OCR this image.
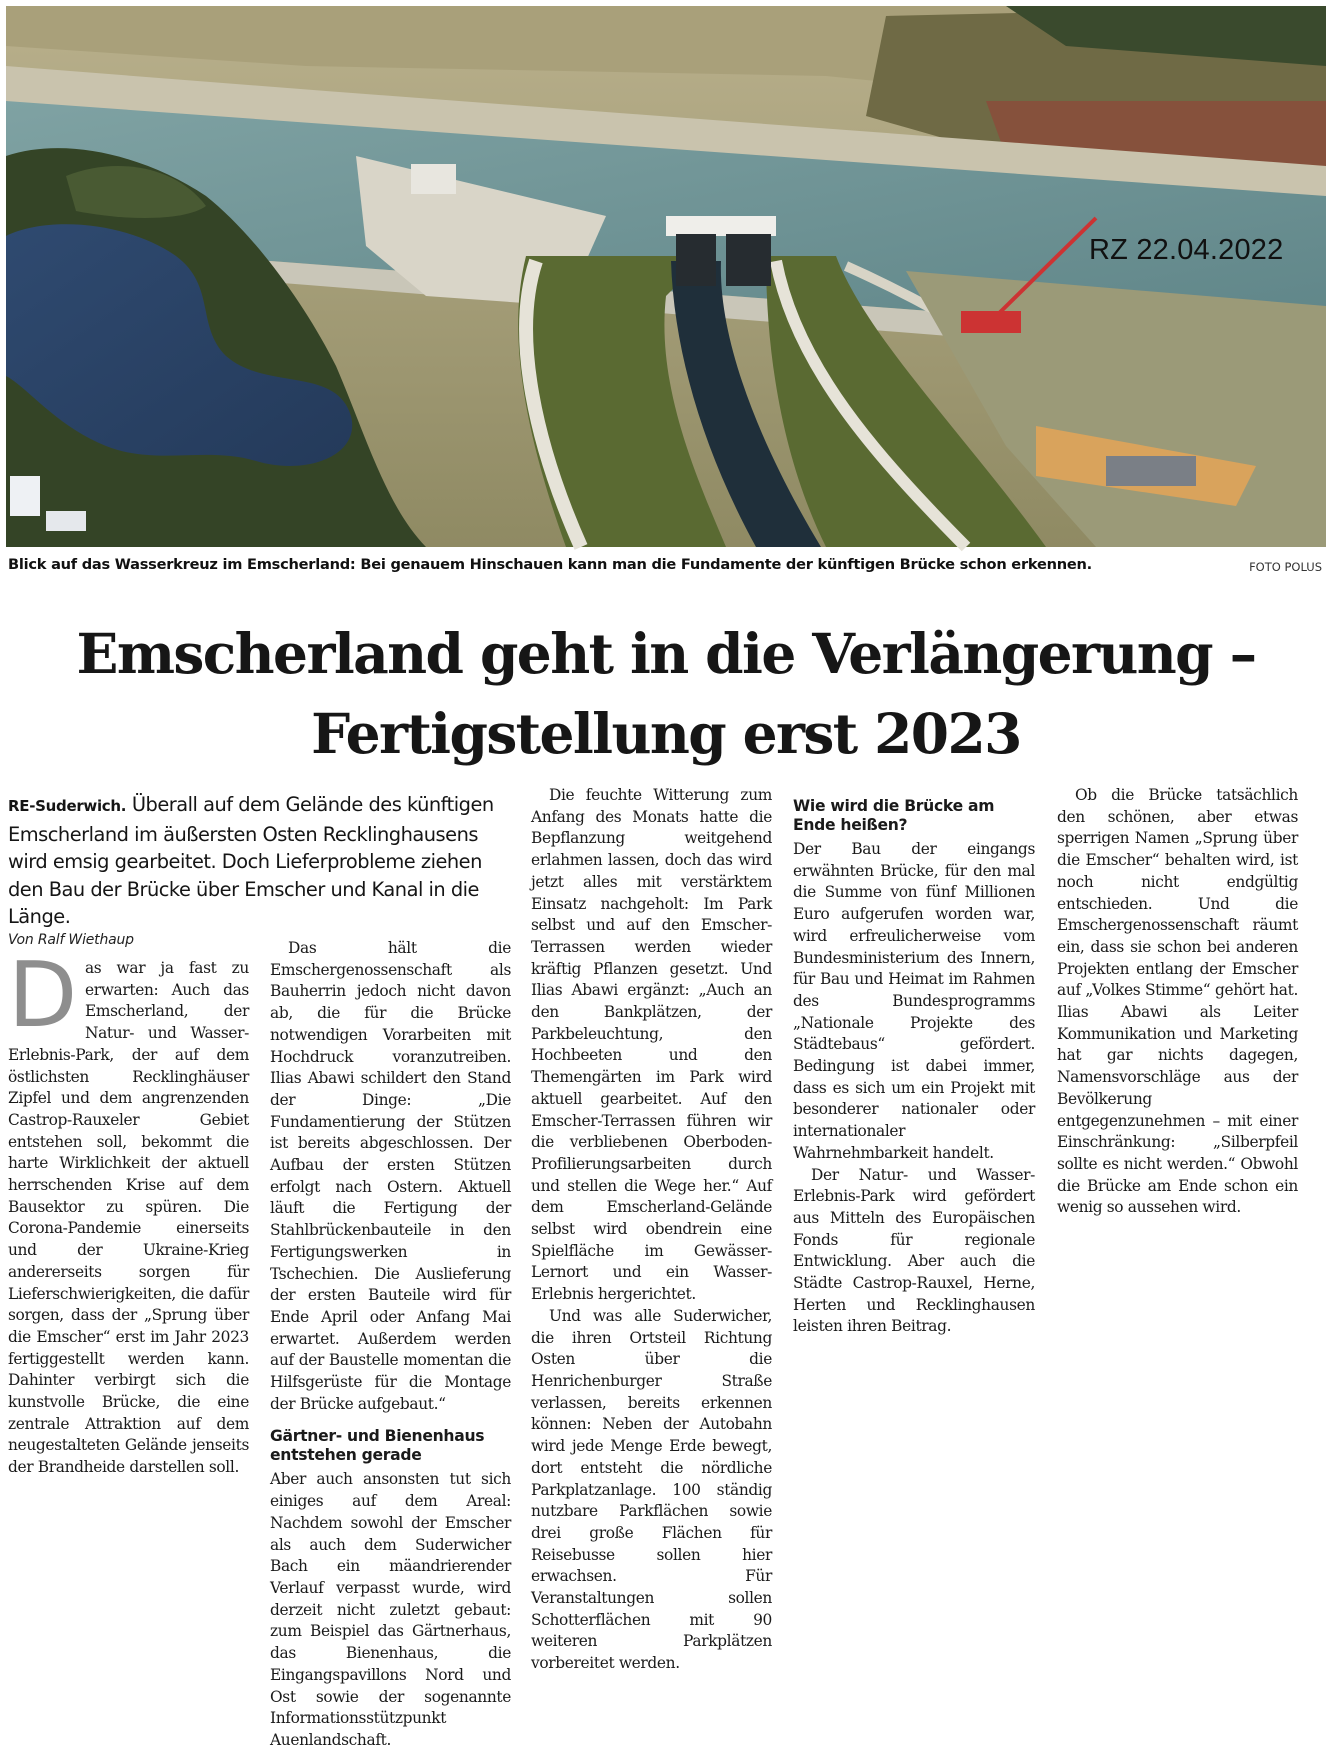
RZ 22.04.2022
Blick auf das Wasserkreuz im Emscherland: Bei genauem Hinschauen kann man die Fundamente der künftigen Brücke schon erkennen.	FOTO POLUS
Emscherland geht in die Verlängerung –
Fertigstellung erst 2023
RE-Suderwich. Überall auf dem Gelände des künftigen Emscherland im äußersten Osten Recklinghausens wird emsig gearbeitet. Doch Lieferprobleme ziehen den Bau der Brücke über Emscher und Kanal in die Länge.
Von Ralf Wiethaup
D as war ja fast zu erwarten: Auch das Emscherland, der Natur- und Wasser-Erlebnis-Park, der auf dem östlichsten Recklinghäuser Zipfel und dem angrenzenden Castrop-Rauxeler Gebiet entstehen soll, bekommt die harte Wirklichkeit der aktuell herrschenden Krise auf dem Bausektor zu spüren. Die Corona-Pandemie einerseits und der Ukraine-Krieg andererseits sorgen für Lieferschwierigkeiten, die dafür sorgen, dass der „Sprung über die Emscher“ erst im Jahr 2023 fertiggestellt werden kann. Dahinter verbirgt sich die kunstvolle Brücke, die eine zentrale Attraktion auf dem neugestalteten Gelände jenseits der Brandheide darstellen soll.

Das hält die Emschergenossenschaft als Bauherrin jedoch nicht davon ab, die für die Brücke notwendigen Vorarbeiten mit Hochdruck voranzutreiben. Ilias Abawi schildert den Stand der Dinge: „Die Fundamentierung der Stützen ist bereits abgeschlossen. Der Aufbau der ersten Stützen erfolgt nach Ostern. Aktuell läuft die Fertigung der Stahlbrückenbauteile in den Fertigungswerken in Tschechien. Die Auslieferung der ersten Bauteile wird für Ende April oder Anfang Mai erwartet. Außerdem werden auf der Baustelle momentan die Hilfsgerüste für die Montage der Brücke aufgebaut.“

Gärtner- und Bienenhaus entstehen gerade

Aber auch ansonsten tut sich einiges auf dem Areal: Nachdem sowohl der Emscher als auch dem Suderwicher Bach ein mäandrierender Verlauf verpasst wurde, wird derzeit nicht zuletzt gebaut: zum Beispiel das Gärtnerhaus, das Bienenhaus, die Eingangspavillons Nord und Ost sowie der sogenannte Informationsstützpunkt Auenlandschaft.

Die feuchte Witterung zum Anfang des Monats hatte die Bepflanzung weitgehend erlahmen lassen, doch das wird jetzt alles mit verstärktem Einsatz nachgeholt: Im Park selbst und auf den Emscher-Terrassen werden wieder kräftig Pflanzen gesetzt. Und Ilias Abawi ergänzt: „Auch an den Bankplätzen, der Parkbeleuchtung, den Hochbeeten und den Themengärten im Park wird aktuell gearbeitet. Auf den Emscher-Terrassen führen wir die verbliebenen Oberboden-Profilierungsarbeiten durch und stellen die Wege her.“ Auf dem Emscherland-Gelände selbst wird obendrein eine Spielfläche im Gewässer-Lernort und ein Wasser-Erlebnis hergerichtet.

Und was alle Suderwicher, die ihren Ortsteil Richtung Osten über die Henrichenburger Straße verlassen, bereits erkennen können: Neben der Autobahn wird jede Menge Erde bewegt, dort entsteht die nördliche Parkplatzanlage. 100 ständig nutzbare Parkflächen sowie drei große Flächen für Reisebusse sollen hier erwachsen. Für Veranstaltungen sollen Schotterflächen mit 90 weiteren Parkplätzen vorbereitet werden.

Wie wird die Brücke am Ende heißen?

Der Bau der eingangs erwähnten Brücke, für den mal die Summe von fünf Millionen Euro aufgerufen worden war, wird erfreulicherweise vom Bundesministerium des Innern, für Bau und Heimat im Rahmen des Bundesprogramms „Nationale Projekte des Städtebaus“ gefördert. Bedingung ist dabei immer, dass es sich um ein Projekt mit besonderer nationaler oder internationaler Wahrnehmbarkeit handelt.

Der Natur- und Wasser-Erlebnis-Park wird gefördert aus Mitteln des Europäischen Fonds für regionale Entwicklung. Aber auch die Städte Castrop-Rauxel, Herne, Herten und Recklinghausen leisten ihren Beitrag.

Ob die Brücke tatsächlich den schönen, aber etwas sperrigen Namen „Sprung über die Emscher“ behalten wird, ist noch nicht endgültig entschieden. Und die Emschergenossenschaft räumt ein, dass sie schon bei anderen Projekten entlang der Emscher auf „Volkes Stimme“ gehört hat. Ilias Abawi als Leiter Kommunikation und Marketing hat gar nichts dagegen, Namensvorschläge aus der Bevölkerung entgegenzunehmen – mit einer Einschränkung: „Silberpfeil sollte es nicht werden.“ Obwohl die Brücke am Ende schon ein wenig so aussehen wird.
